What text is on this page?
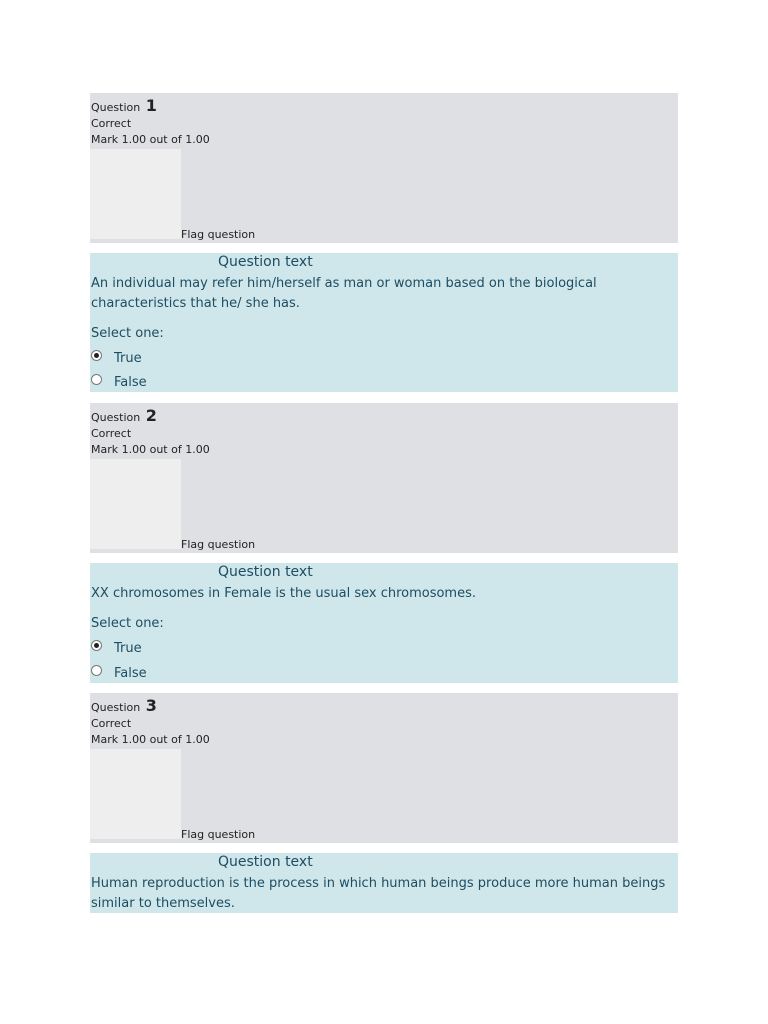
Question 1
Correct
Mark 1.00 out of 1.00
Flag question
Question text
An individual may refer him/herself as man or woman based on the biological characteristics that he/ she has.
Select one:
True
False
Question 2
Correct
Mark 1.00 out of 1.00
Flag question
Question text
XX chromosomes in Female is the usual sex chromosomes.
Select one:
True
False
Question 3
Correct
Mark 1.00 out of 1.00
Flag question
Question text
Human reproduction is the process in which human beings produce more human beings similar to themselves.
